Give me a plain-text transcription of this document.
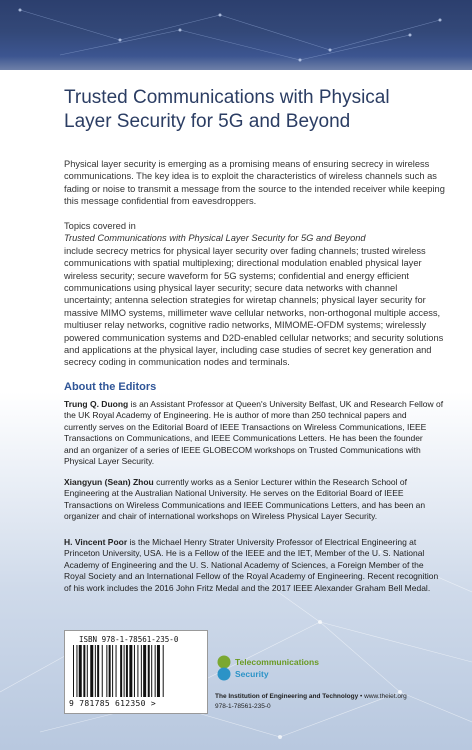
Trusted Communications with Physical
Layer Security for 5G and Beyond
Physical layer security is emerging as a promising means of ensuring secrecy in wireless
communications. The key idea is to exploit the characteristics of wireless channels such as
fading or noise to transmit a message from the source to the intended receiver while keeping
this message confidential from eavesdroppers.
Topics covered in
Trusted Communications with Physical Layer Security for 5G and Beyond
include secrecy metrics for physical layer security over fading channels; trusted wireless
communications with spatial multiplexing; directional modulation enabled physical layer
wireless security; secure waveform for 5G systems; confidential and energy efficient
communications using physical layer security; secure data networks with channel
uncertainty; antenna selection strategies for wiretap channels; physical layer security for
massive MIMO systems, millimeter wave cellular networks, non-orthogonal multiple access,
multiuser relay networks, cognitive radio networks, MIMOME-OFDM systems; wirelessly
powered communication systems and D2D-enabled cellular networks; and security solutions
and applications at the physical layer, including case studies of secret key generation and
secrecy coding in communication nodes and terminals.
About the Editors
Trung Q. Duong is an Assistant Professor at Queen's University Belfast, UK and Research Fellow of
the UK Royal Academy of Engineering. He is author of more than 250 technical papers and
currently serves on the Editorial Board of IEEE Transactions on Wireless Communications, IEEE
Transactions on Communications, and IEEE Communications Letters. He has been the founder
and an organizer of a series of IEEE GLOBECOM workshops on Trusted Communications with
Physical Layer Security.
Xiangyun (Sean) Zhou currently works as a Senior Lecturer within the Research School of
Engineering at the Australian National University. He serves on the Editorial Board of IEEE
Transactions on Wireless Communications and IEEE Communications Letters, and has been an
organizer and chair of international workshops on Wireless Physical Layer Security.
H. Vincent Poor is the Michael Henry Strater University Professor of Electrical Engineering at
Princeton University, USA. He is a Fellow of the IEEE and the IET, Member of the U. S. National
Academy of Engineering and the U. S. National Academy of Sciences, a Foreign Member of the
Royal Society and an International Fellow of the Royal Academy of Engineering. Recent recognition
of his work includes the 2016 John Fritz Medal and the 2017 IEEE Alexander Graham Bell Medal.
ISBN 978-1-78561-235-0
9 781785 612350 >
Telecommunications
Security
The Institution of Engineering and Technology • www.theiet.org
978-1-78561-235-0
